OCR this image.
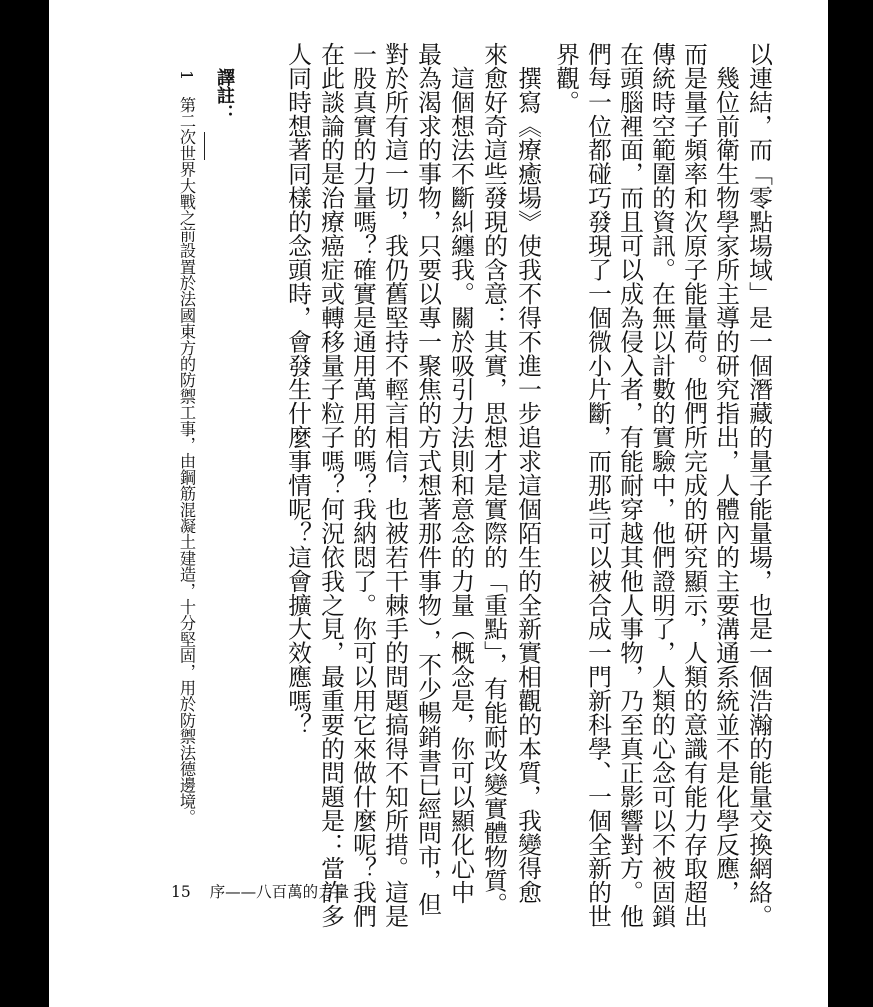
以連結，而「零點場域」是一個潛藏的量子能量場，也是一個浩瀚的能量交換網絡。
　幾位前衛生物學家所主導的研究指出，人體內的主要溝通系統並不是化學反應，
而是量子頻率和次原子能量荷。他們所完成的研究顯示，人類的意識有能力存取超出
傳統時空範圍的資訊。在無以計數的實驗中，他們證明了，人類的心念可以不被固鎖
在頭腦裡面，而且可以成為侵入者，有能耐穿越其他人事物，乃至真正影響對方。他
們每一位都碰巧發現了一個微小片斷，而那些可以被合成一門新科學、一個全新的世
界觀。
　撰寫《療癒場》使我不得不進一步追求這個陌生的全新實相觀的本質，我變得愈
來愈好奇這些發現的含意：其實，思想才是實際的「重點」，有能耐改變實體物質。
　這個想法不斷糾纏我。關於吸引力法則和意念的力量（概念是，你可以顯化心中
最為渴求的事物，只要以專一聚焦的方式想著那件事物），不少暢銷書已經問市，但
對於所有這一切，我仍舊堅持不輕言相信，也被若干棘手的問題搞得不知所措。這是
一股真實的力量嗎？確實是通用萬用的嗎？我納悶了。你可以用它來做什麼呢？我們
在此談論的是治療癌症或轉移量子粒子嗎？何況依我之見，最重要的問題是：當許多
人同時想著同樣的念頭時，會發生什麼事情呢？這會擴大效應嗎？
譯註：
1　第二次世界大戰之前設置於法國東方的防禦工事，由鋼筋混凝土建造，十分堅固，用於防禦法德邊境。
15 序——八百萬的力量
